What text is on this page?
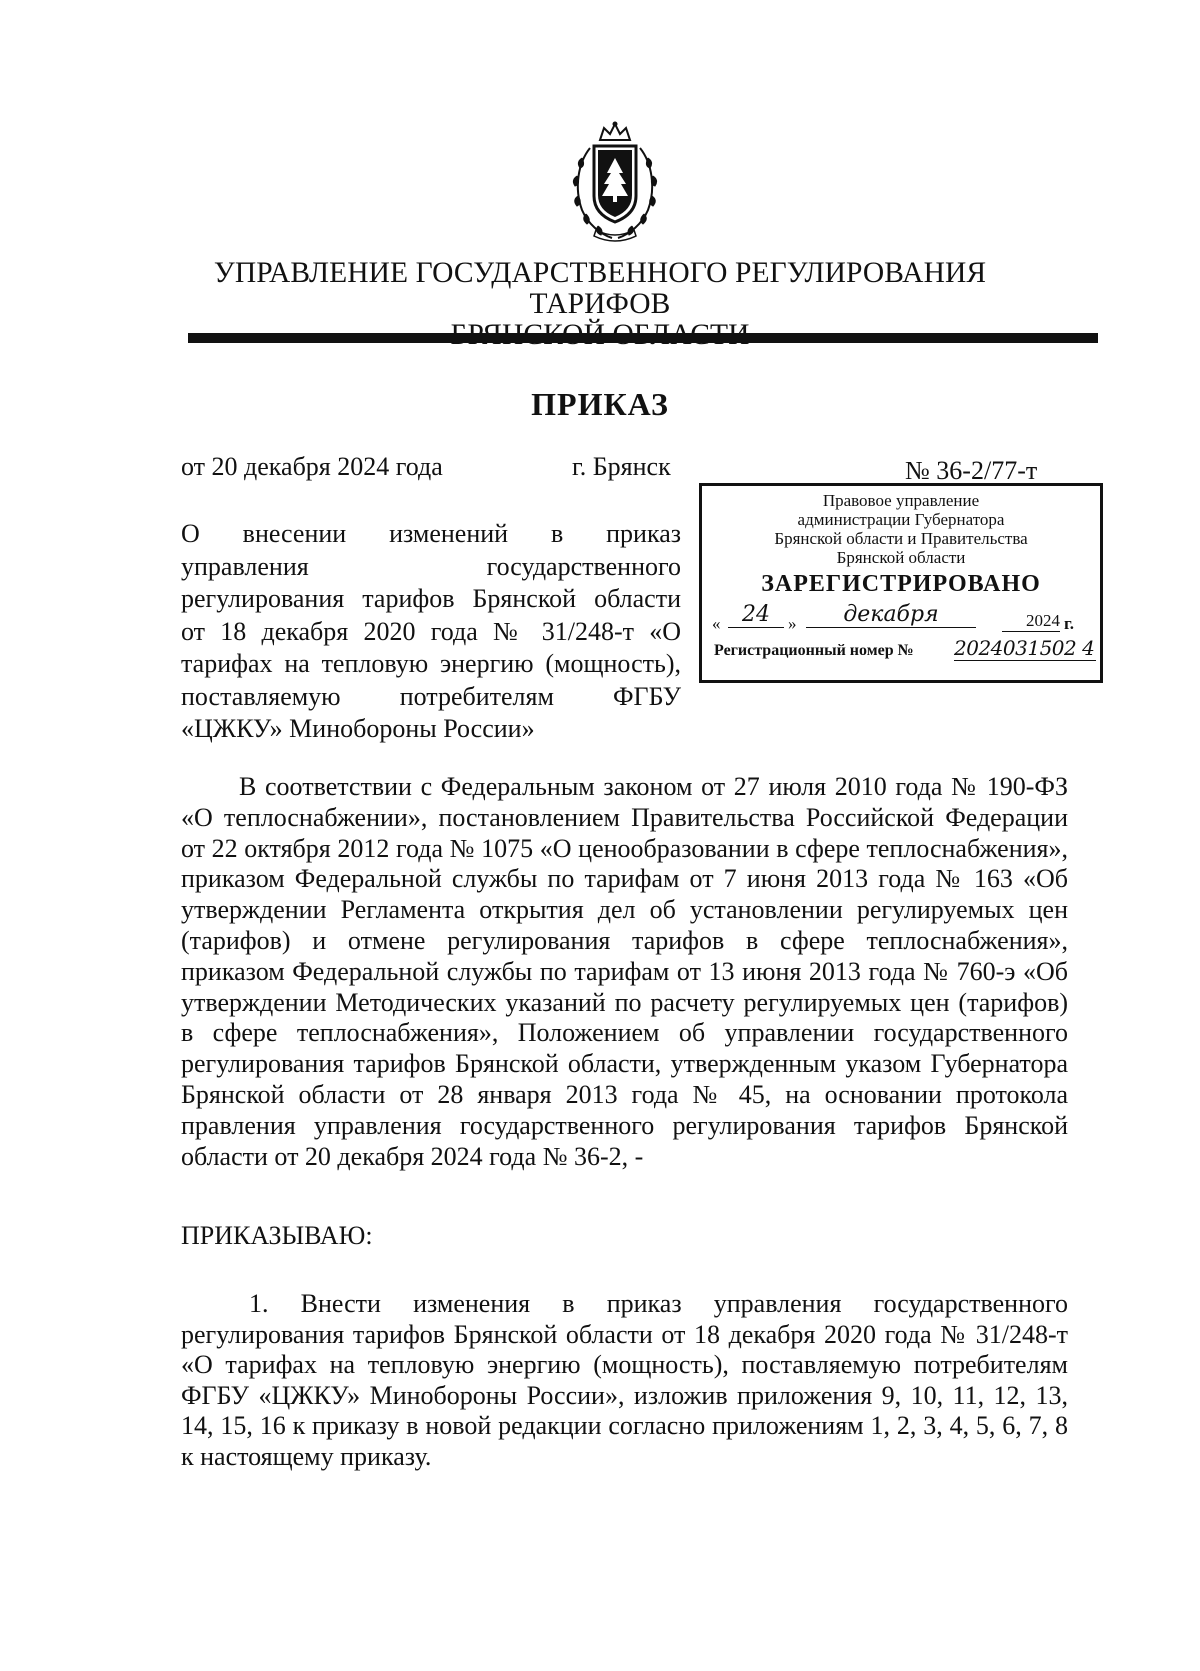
УПРАВЛЕНИЕ ГОСУДАРСТВЕННОГО РЕГУЛИРОВАНИЯ ТАРИФОВ
ПРИКАЗ
от 20 декабря 2024 года	г. Брянск	№ 36-2/77-т
О внесении изменений в приказ
управления государственного
регулирования тарифов Брянской области
от 18 декабря 2020 года № 31/248-т «О
тарифах на тепловую энергию (мощность),
поставляемую потребителям ФГБУ
«ЦЖКУ» Минобороны России»
Правовое управление
администрации Губернатора
Брянской области и Правительства
Брянской области
ЗАРЕГИСТРИРОВАНО
« 24	»	декабря	2024 г.
Регистрационный номер № 2024031502 4
В соответствии с Федеральным законом от 27 июля 2010 года № 190-ФЗ «О теплоснабжении», постановлением Правительства Российской Федерации от 22 октября 2012 года № 1075 «О ценообразовании в сфере теплоснабжения», приказом Федеральной службы по тарифам от 7 июня 2013 года № 163 «Об утверждении Регламента открытия дел об установлении регулируемых цен (тарифов) и отмене регулирования тарифов в сфере теплоснабжения», приказом Федеральной службы по тарифам от 13 июня 2013 года № 760-э «Об утверждении Методических указаний по расчету регулируемых цен (тарифов) в сфере теплоснабжения», Положением об управлении государственного регулирования тарифов Брянской области, утвержденным указом Губернатора Брянской области от 28 января 2013 года № 45, на основании протокола правления управления государственного регулирования тарифов Брянской области от 20 декабря 2024 года № 36-2, -
ПРИКАЗЫВАЮ:
1. Внести изменения в приказ управления государственного регулирования тарифов Брянской области от 18 декабря 2020 года № 31/248-т «О тарифах на тепловую энергию (мощность), поставляемую потребителям ФГБУ «ЦЖКУ» Минобороны России», изложив приложения 9, 10, 11, 12, 13, 14, 15, 16 к приказу в новой редакции согласно приложениям 1, 2, 3, 4, 5, 6, 7, 8 к настоящему приказу.
